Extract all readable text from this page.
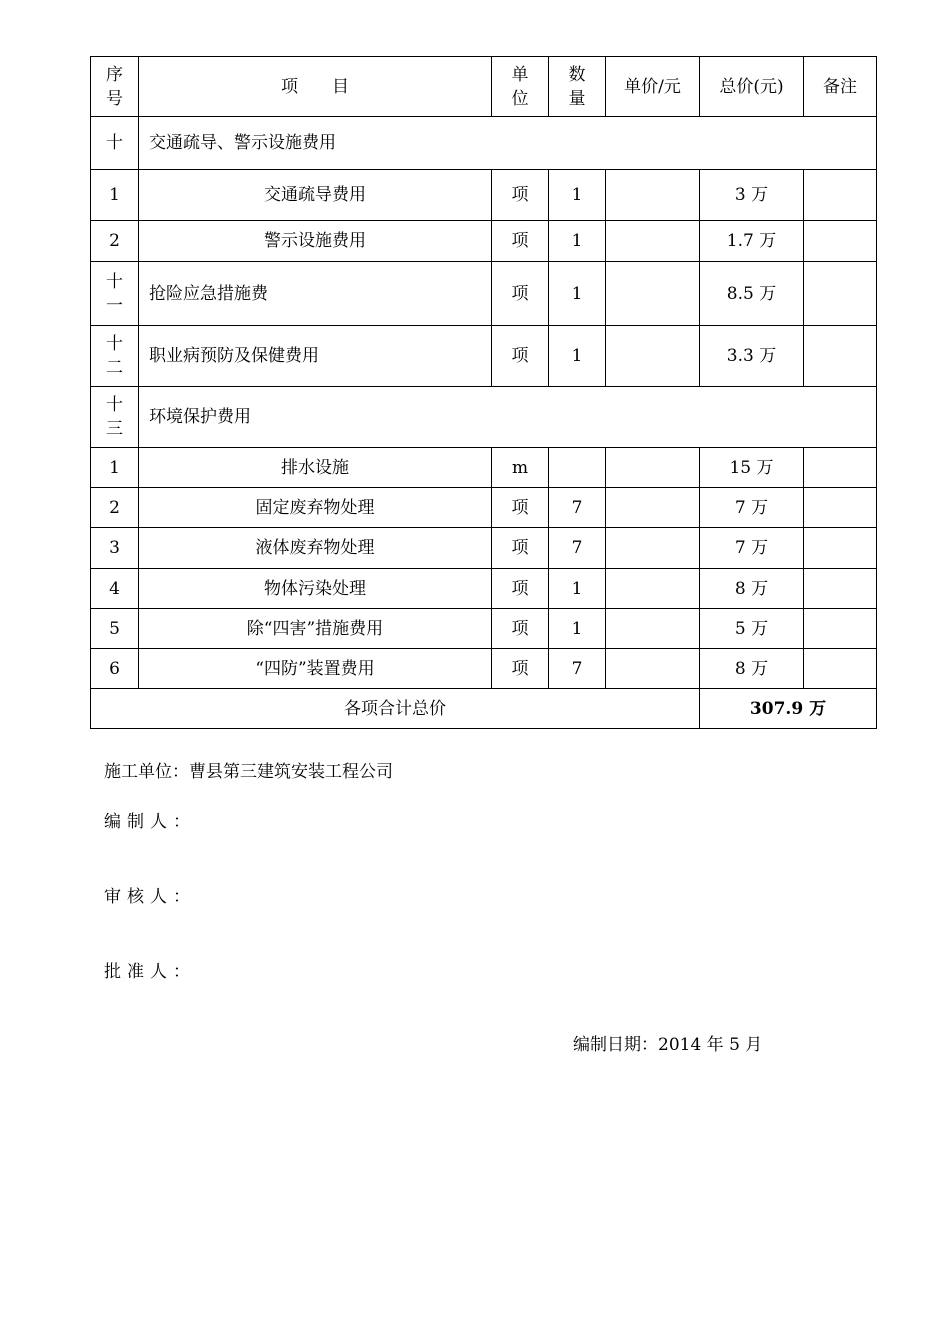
序号	项　　目	单位	数量	单价/元	总价(元)	备注
十	交通疏导、警示设施费用					
1	交通疏导费用	项	1		3 万	
2	警示设施费用	项	1		1.7 万	
十一	抢险应急措施费	项	1		8.5 万	
十二	职业病预防及保健费用	项	1		3.3 万	
十三	环境保护费用					
1	排水设施	m			15 万	
2	固定废弃物处理	项	7		7 万	
3	液体废弃物处理	项	7		7 万	
4	物体污染处理	项	1		8 万	
5	除“四害”措施费用	项	1		5 万	
6	“四防”装置费用	项	7		8 万	
各项合计总价					307.9 万	
施工单位：曹县第三建筑安装工程公司
编制人：
审核人：
批准人：
编制日期：2014 年 5 月
